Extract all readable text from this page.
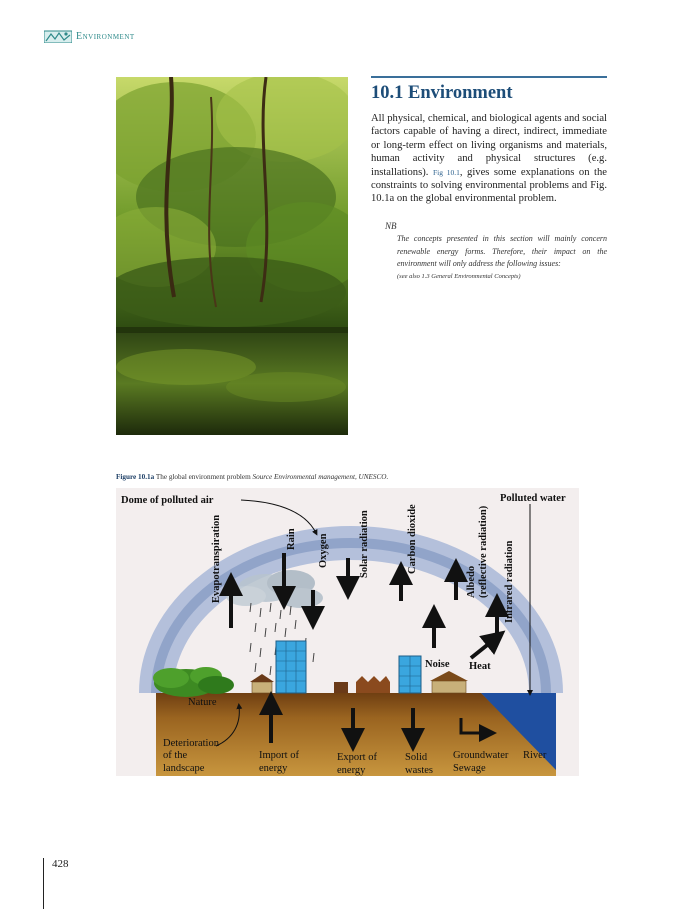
Environment
10.1 Environment

All physical, chemical, and biological agents and social factors capable of having a direct, indirect, immediate or long-term effect on living organisms and materials, human activity and physical structures (e.g. installations). Fig 10.1, gives some explanations on the constraints to solving environmental problems and Fig. 10.1a on the global environmental problem.

NB
The concepts presented in this section will mainly concern renewable energy forms. Therefore, their impact on the environment will only address the following issues:
(see also 1.3 General Environmental Concepts)
Figure 10.1a The global environment problem Source Environmental management, UNESCO.
Dome of polluted air	Polluted water
Evapotranspiration	Rain Oxygen	Solar radiation	Carbon dioxide
Albedo (reflective radiation) Infrared radiation
Noise Heat
Nature
Deterioration
of the
landscape
Import of
energy
Export of
energy
Solid
wastes
Groundwater
Sewage
River
428
